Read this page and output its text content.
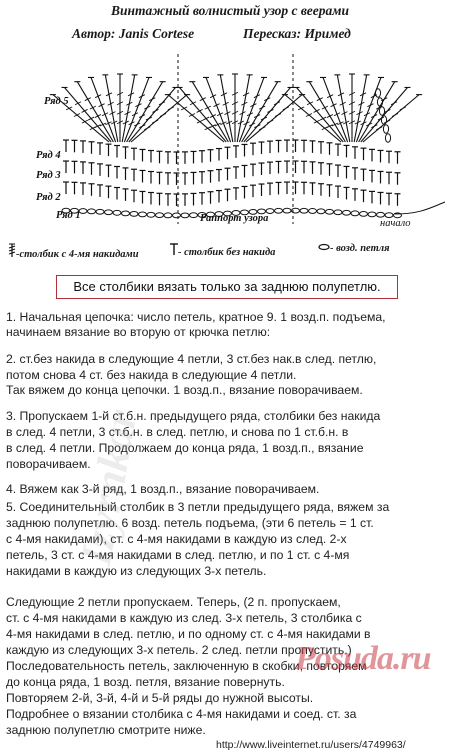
Винтажный волнистый узор с веерами
Автор: Janis Cortese	Пересказ: Иримед
Ряд 5
Ряд 4
Ряд 3
Ряд 2
Ряд 1	Раппорт узора	начало
-столбик с 4-мя накидами	- столбик без накида	- возд. петля
Все столбики вязать только за заднюю полупетлю.
1. Начальная цепочка: число петель, кратное 9. 1 возд.п. подъема,
начинаем вязание во вторую от крючка петлю:
2. ст.без накида в следующие 4 петли, 3 ст.без нак.в след. петлю,
потом снова 4 ст. без накида в следующие 4 петли.
Так вяжем до конца цепочки. 1 возд.п., вязание поворачиваем.
3. Пропускаем 1-й ст.б.н. предыдущего ряда, столбики без накида
в след. 4 петли, 3 ст.б.н. в след. петлю, и снова по 1 ст.б.н. в
в след. 4 петли. Продолжаем до конца ряда, 1 возд.п., вязание
поворачиваем.
4. Вяжем как 3-й ряд, 1 возд.п., вязание поворачиваем.
5. Соединительный столбик в 3 петли предыдущего ряда, вяжем за
заднюю полупетлю. 6 возд. петель подъема, (эти 6 петель = 1 ст.
с 4-мя накидами), ст. с 4-мя накидами в каждую из след. 2-х
петель, 3 ст. с 4-мя накидами в след. петлю, и по 1 ст. с 4-мя
накидами в каждую из следующих 3-х петель.
Следующие 2 петли пропускаем. Теперь, (2 п. пропускаем,
ст. с 4-мя накидами в каждую из след. 3-х петель, 3 столбика с
4-мя накидами в след. петлю, и по одному ст. с 4-мя накидами в
каждую из следующих 3-х петель. 2 след. петли пропустить.)
Последовательность петель, заключенную в скобки, повторяем
до конца ряда, 1 возд. петля, вязание повернуть.
Повторяем 2-й, 3-й, 4-й и 5-й ряды до нужной высоты.
Подробнее о вязании столбика с 4-мя накидами и соед. ст. за
заднюю полупетлю смотрите ниже.
Izyrnkar
Posuda.ru
http://www.liveinternet.ru/users/4749963/
